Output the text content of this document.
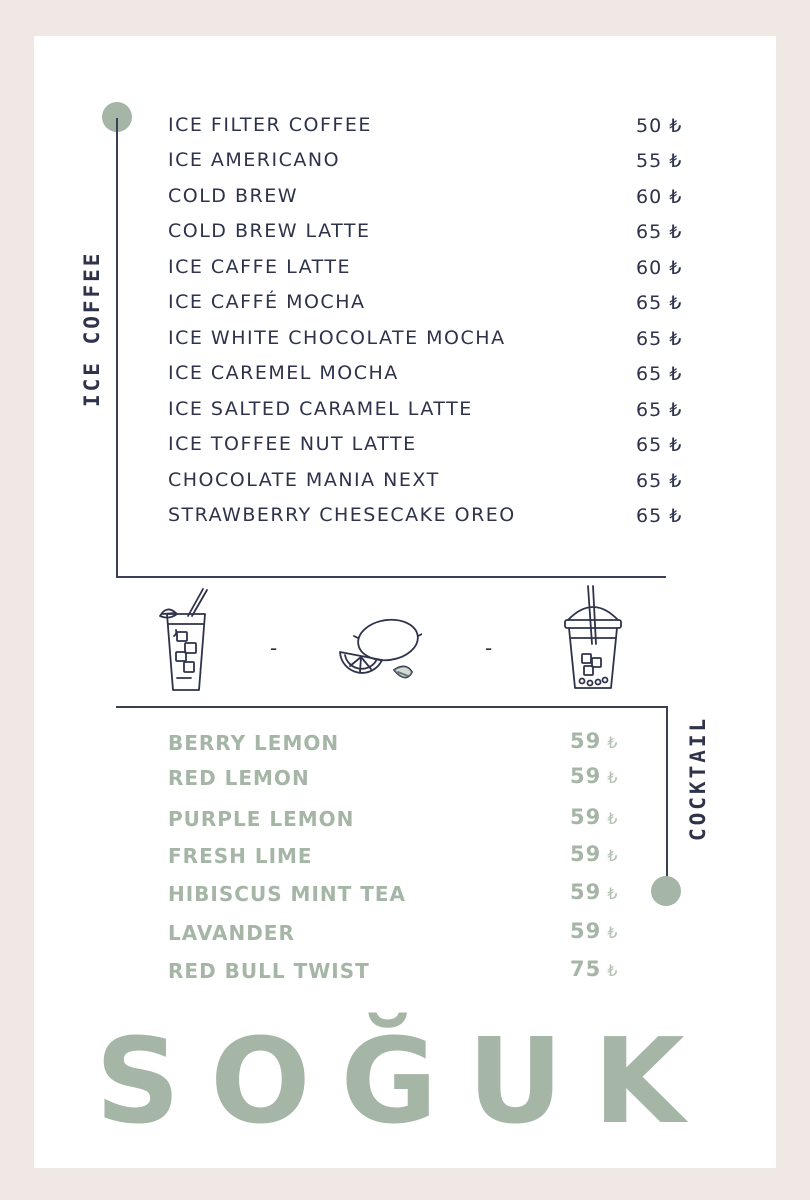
ICE COFFEE
ICE FILTER COFFEE	50 ₺
ICE AMERICANO	55 ₺
COLD BREW	60 ₺
COLD BREW LATTE	65 ₺
ICE CAFFE LATTE	60 ₺
ICE CAFFÉ MOCHA	65 ₺
ICE WHITE CHOCOLATE MOCHA	65 ₺
ICE CAREMEL MOCHA	65 ₺
ICE SALTED CARAMEL LATTE	65 ₺
ICE TOFFEE NUT LATTE	65 ₺
CHOCOLATE MANIA NEXT	65 ₺
STRAWBERRY CHESECAKE OREO	65 ₺
-	-
COCKTAIL
BERRY LEMON	59 ₺
RED LEMON	59 ₺
PURPLE LEMON	59 ₺
FRESH LIME	59 ₺
HIBISCUS MINT TEA	59 ₺
LAVANDER	59 ₺
RED BULL TWIST	75 ₺
SOĞUK
